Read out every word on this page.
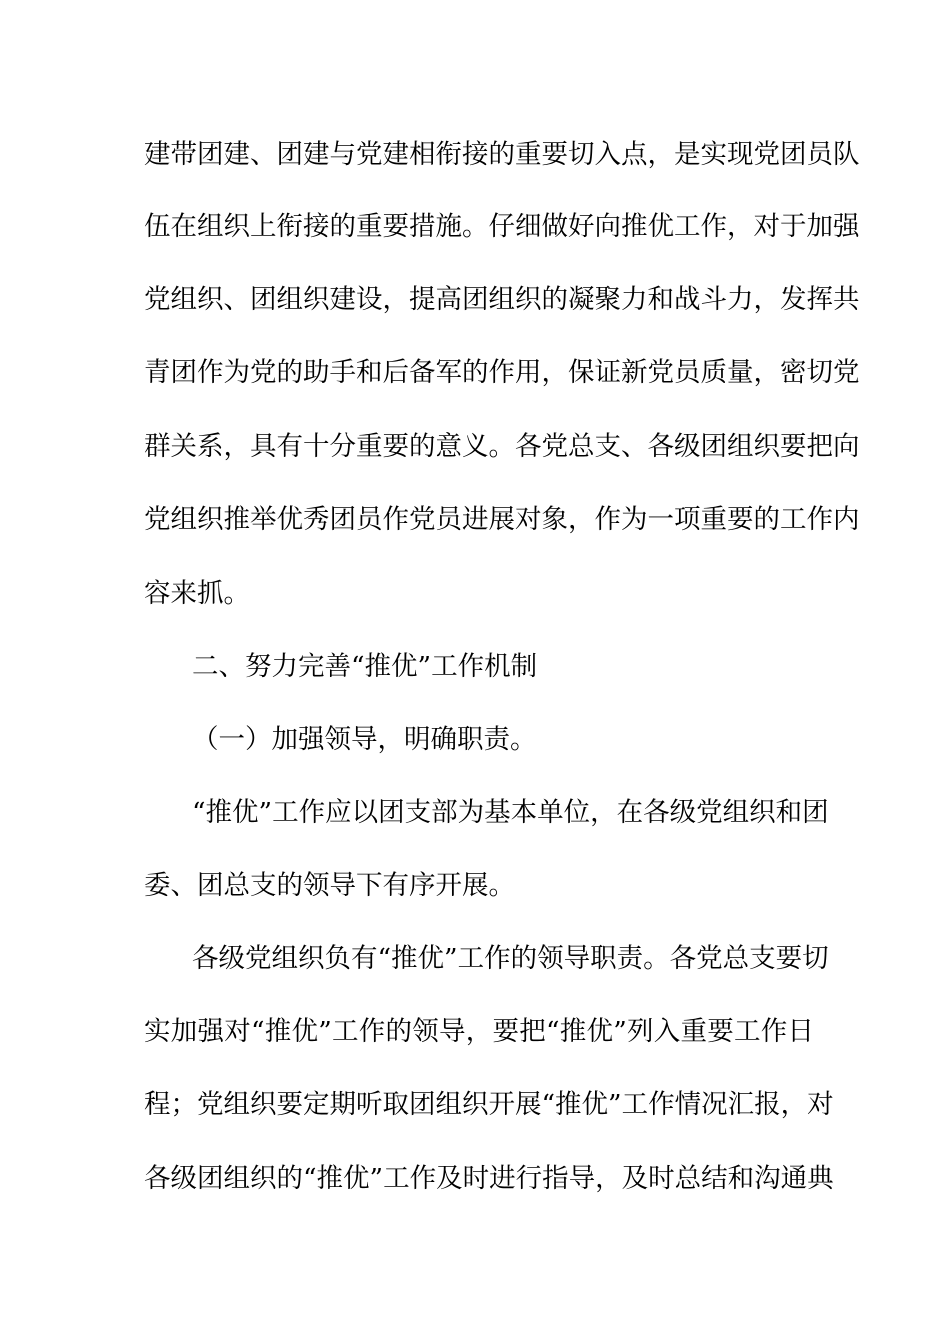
建带团建、团建与党建相衔接的重要切入点，是实现党团员队
伍在组织上衔接的重要措施。仔细做好向推优工作，对于加强
党组织、团组织建设，提高团组织的凝聚力和战斗力，发挥共
青团作为党的助手和后备军的作用，保证新党员质量，密切党
群关系，具有十分重要的意义。各党总支、各级团组织要把向
党组织推举优秀团员作党员进展对象，作为一项重要的工作内
容来抓。
二、努力完善“推优”工作机制
（一）加强领导，明确职责。
“推优”工作应以团支部为基本单位，在各级党组织和团
委、团总支的领导下有序开展。
各级党组织负有“推优”工作的领导职责。各党总支要切
实加强对“推优”工作的领导，要把“推优”列入重要工作日
程；党组织要定期听取团组织开展“推优”工作情况汇报，对
各级团组织的“推优”工作及时进行指导，及时总结和沟通典
